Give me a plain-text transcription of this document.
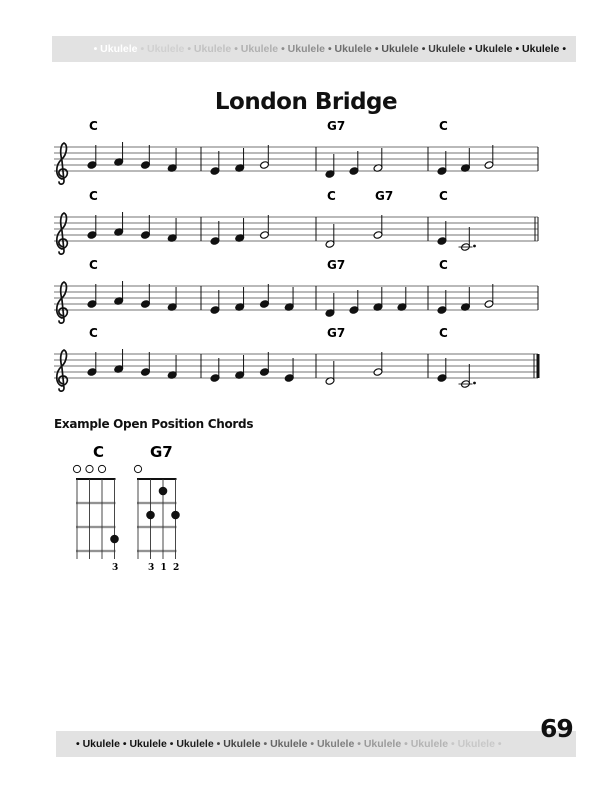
• Ukulele • Ukulele • Ukulele • Ukulele • Ukulele • Ukulele • Ukulele • Ukulele • Ukulele • Ukulele •
London Bridge
C	G7	C
C	C	G7	C
C	G7	C
C	G7	C
C
3
G7
3 1 2
Example Open Position Chords
• Ukulele • Ukulele • Ukulele • Ukulele • Ukulele • Ukulele • Ukulele • Ukulele • Ukulele •
69
